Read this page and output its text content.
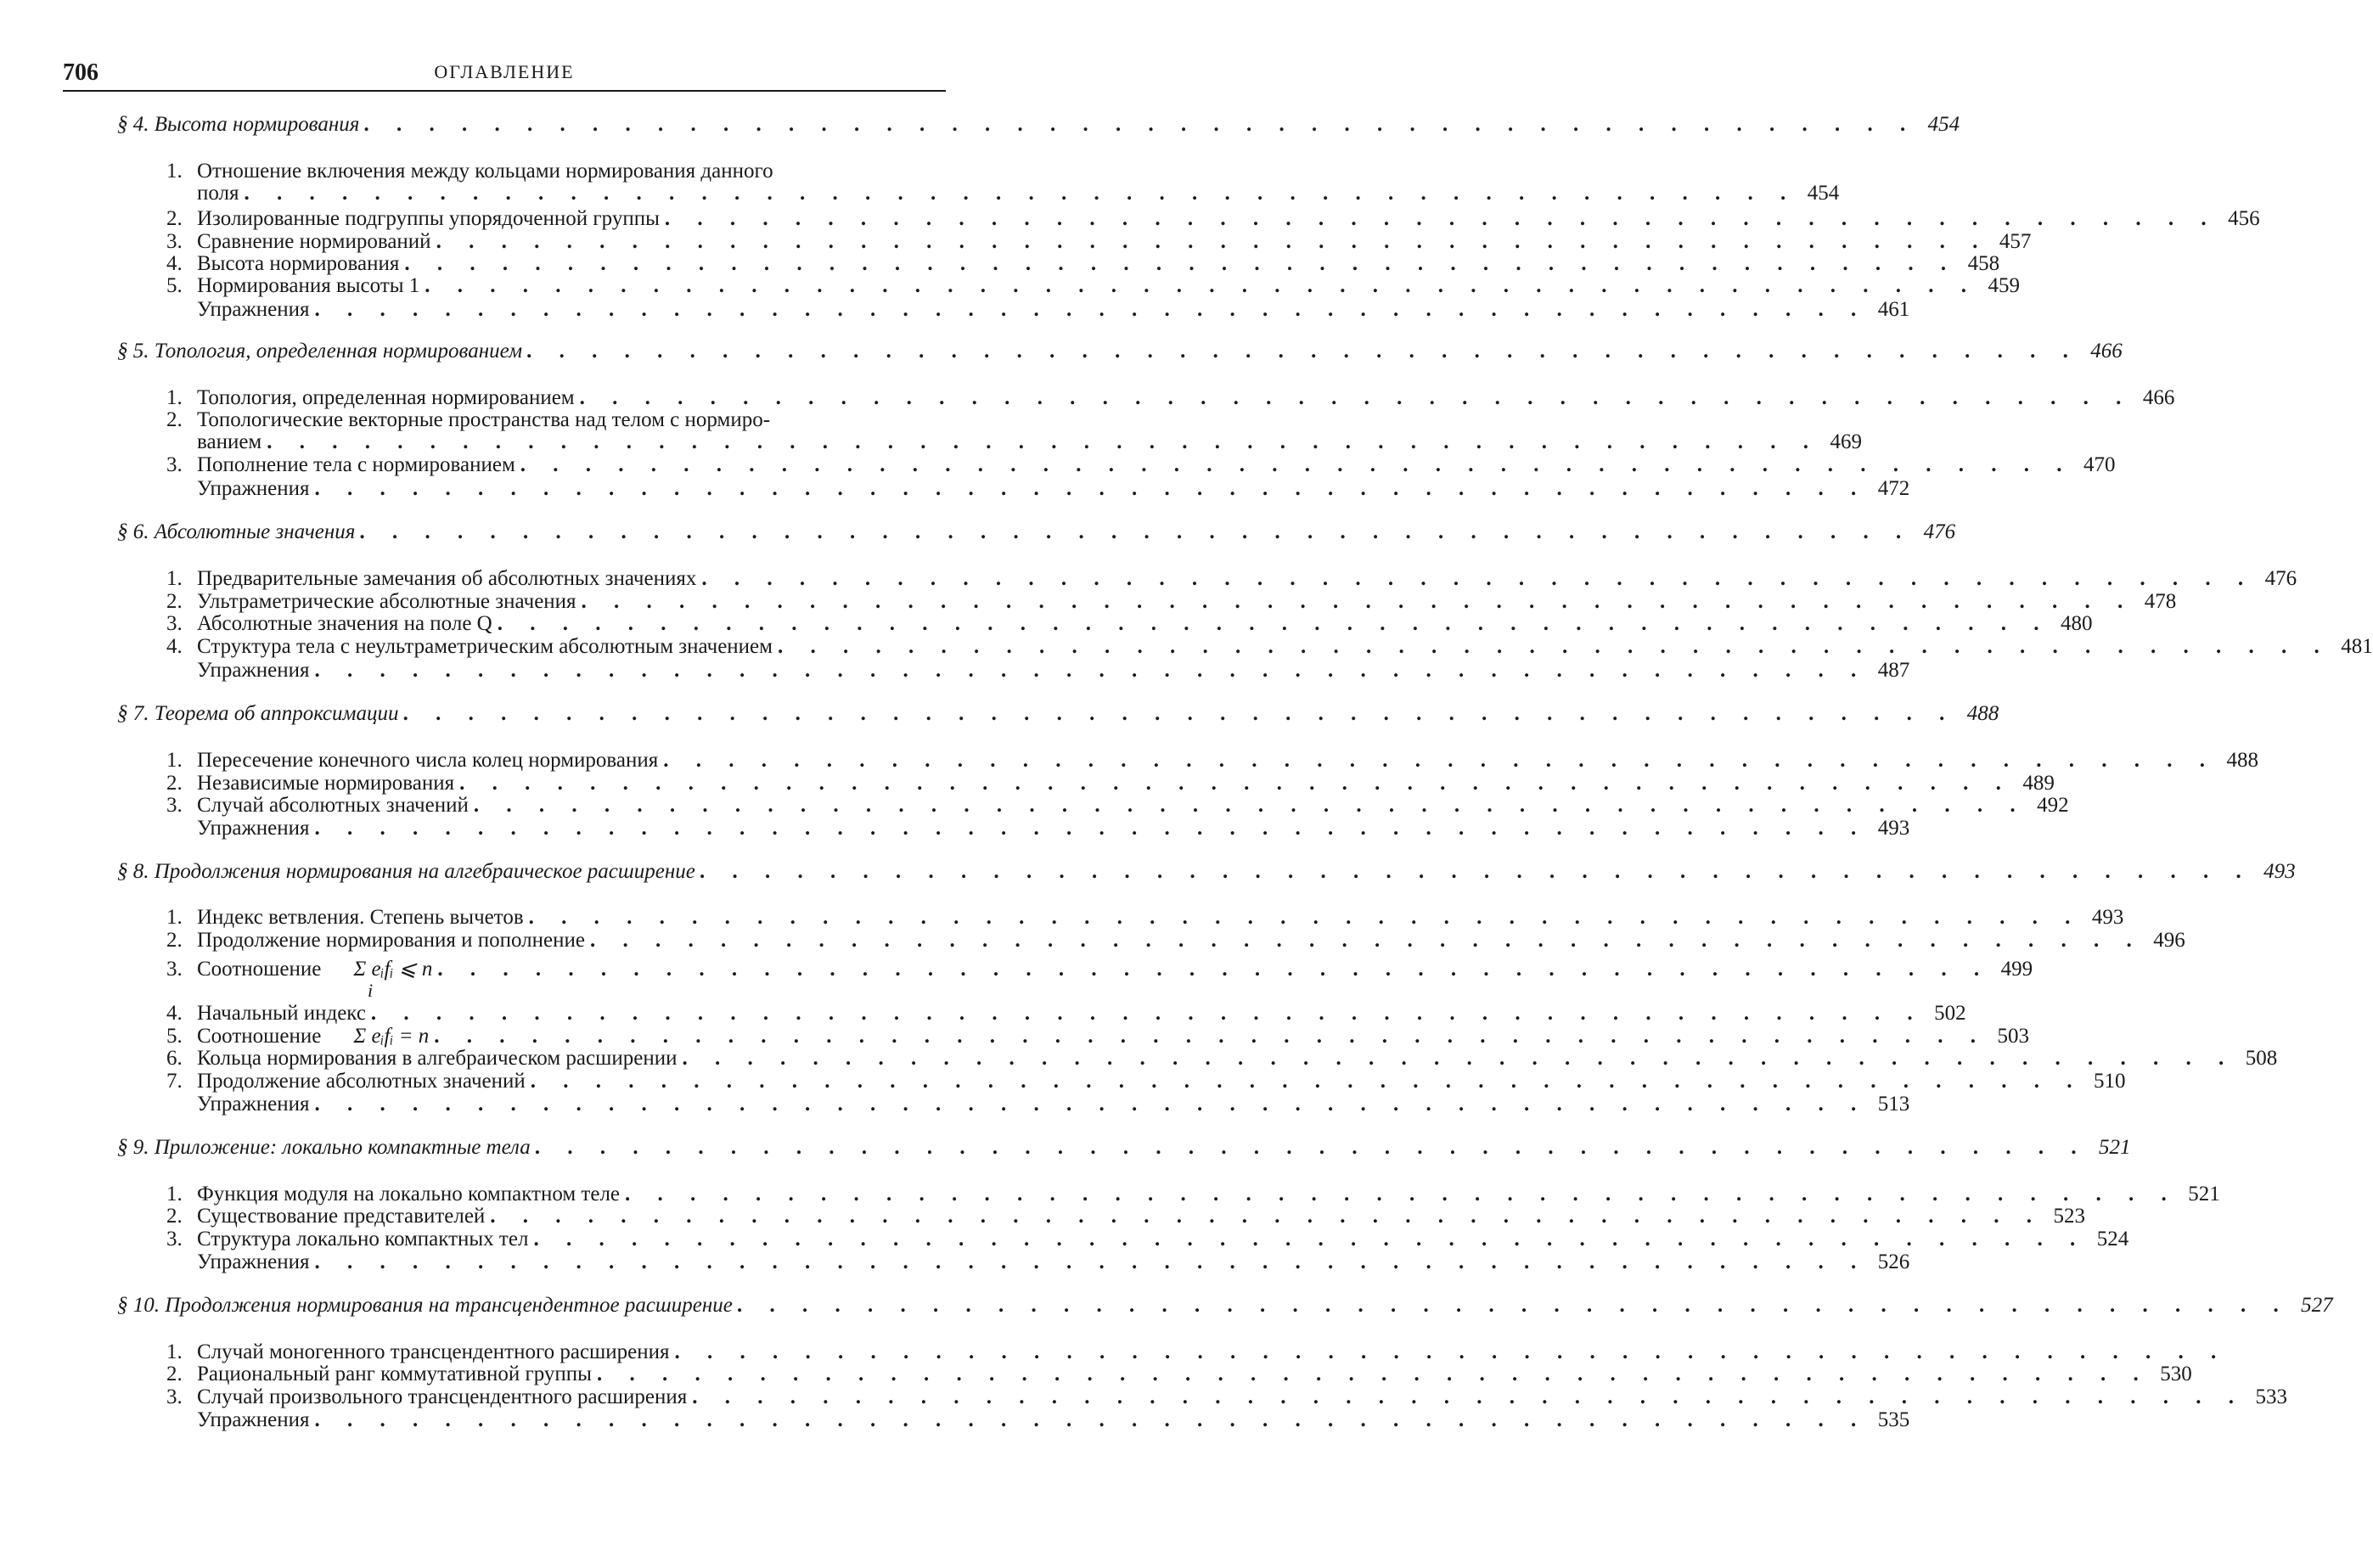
706	ОГЛАВЛЕНИЕ
§ 4. Высота нормирования . . . . . . . . . . . . . . . . . . . . . . . . . . . . . . . . . . . . . . . . . . . . . . . . 454
1. Отношение включения между кольцами нормирования данного
поля . . . . . . . . . . . . . . . . . . . . . . . . . . . . . . . . . . . . . . . . . . . . . . . . 454
2. Изолированные подгруппы упорядоченной группы . . . . . . . . . . . . . . . . . . . . . . . . . . . . . . . . . . . . . . . . . . . . . . . . 456
3. Сравнение нормирований . . . . . . . . . . . . . . . . . . . . . . . . . . . . . . . . . . . . . . . . . . . . . . . . 457
4. Высота нормирования . . . . . . . . . . . . . . . . . . . . . . . . . . . . . . . . . . . . . . . . . . . . . . . . 458
5. Нормирования высоты 1 . . . . . . . . . . . . . . . . . . . . . . . . . . . . . . . . . . . . . . . . . . . . . . . . 459
Упражнения . . . . . . . . . . . . . . . . . . . . . . . . . . . . . . . . . . . . . . . . . . . . . . . . 461
§ 5. Топология, определенная нормированием . . . . . . . . . . . . . . . . . . . . . . . . . . . . . . . . . . . . . . . . . . . . . . . . 466
1. Топология, определенная нормированием . . . . . . . . . . . . . . . . . . . . . . . . . . . . . . . . . . . . . . . . . . . . . . . . 466
2. Топологические векторные пространства над телом с нормиро-
ванием . . . . . . . . . . . . . . . . . . . . . . . . . . . . . . . . . . . . . . . . . . . . . . . . 469
3. Пополнение тела с нормированием . . . . . . . . . . . . . . . . . . . . . . . . . . . . . . . . . . . . . . . . . . . . . . . . 470
Упражнения . . . . . . . . . . . . . . . . . . . . . . . . . . . . . . . . . . . . . . . . . . . . . . . . 472
§ 6. Абсолютные значения . . . . . . . . . . . . . . . . . . . . . . . . . . . . . . . . . . . . . . . . . . . . . . . . 476
1. Предварительные замечания об абсолютных значениях . . . . . . . . . . . . . . . . . . . . . . . . . . . . . . . . . . . . . . . . . . . . . . . . 476
2. Ультраметрические абсолютные значения . . . . . . . . . . . . . . . . . . . . . . . . . . . . . . . . . . . . . . . . . . . . . . . . 478
3. Абсолютные значения на поле Q . . . . . . . . . . . . . . . . . . . . . . . . . . . . . . . . . . . . . . . . . . . . . . . . 480
4. Структура тела с неультраметрическим абсолютным значением . . . . . . . . . . . . . . . . . . . . . . . . . . . . . . . . . . . . . . . . . . . . . . . . 481
Упражнения . . . . . . . . . . . . . . . . . . . . . . . . . . . . . . . . . . . . . . . . . . . . . . . . 487
§ 7. Теорема об аппроксимации . . . . . . . . . . . . . . . . . . . . . . . . . . . . . . . . . . . . . . . . . . . . . . . . 488
1. Пересечение конечного числа колец нормирования . . . . . . . . . . . . . . . . . . . . . . . . . . . . . . . . . . . . . . . . . . . . . . . . 488
2. Независимые нормирования . . . . . . . . . . . . . . . . . . . . . . . . . . . . . . . . . . . . . . . . . . . . . . . . 489
3. Случай абсолютных значений . . . . . . . . . . . . . . . . . . . . . . . . . . . . . . . . . . . . . . . . . . . . . . . . 492
Упражнения . . . . . . . . . . . . . . . . . . . . . . . . . . . . . . . . . . . . . . . . . . . . . . . . 493
§ 8. Продолжения нормирования на алгебраическое расширение . . . . . . . . . . . . . . . . . . . . . . . . . . . . . . . . . . . . . . . . . . . . . . . . 493
1. Индекс ветвления. Степень вычетов . . . . . . . . . . . . . . . . . . . . . . . . . . . . . . . . . . . . . . . . . . . . . . . . 493
2. Продолжение нормирования и пополнение . . . . . . . . . . . . . . . . . . . . . . . . . . . . . . . . . . . . . . . . . . . . . . . . 496
3. Соотношение Σ eᵢfᵢ ⩽ n . . . . . . . . . . . . . . . . . . . . . . . . . . . . . . . . . . . . . . . . . . . . . . . . 499
i
4. Начальный индекс . . . . . . . . . . . . . . . . . . . . . . . . . . . . . . . . . . . . . . . . . . . . . . . . 502
5. Соотношение Σ eᵢfᵢ = n . . . . . . . . . . . . . . . . . . . . . . . . . . . . . . . . . . . . . . . . . . . . . . . . 503
6. Кольца нормирования в алгебраическом расширении . . . . . . . . . . . . . . . . . . . . . . . . . . . . . . . . . . . . . . . . . . . . . . . . 508
7. Продолжение абсолютных значений . . . . . . . . . . . . . . . . . . . . . . . . . . . . . . . . . . . . . . . . . . . . . . . . 510
Упражнения . . . . . . . . . . . . . . . . . . . . . . . . . . . . . . . . . . . . . . . . . . . . . . . . 513
§ 9. Приложение: локально компактные тела . . . . . . . . . . . . . . . . . . . . . . . . . . . . . . . . . . . . . . . . . . . . . . . . 521
1. Функция модуля на локально компактном теле . . . . . . . . . . . . . . . . . . . . . . . . . . . . . . . . . . . . . . . . . . . . . . . . 521
2. Существование представителей . . . . . . . . . . . . . . . . . . . . . . . . . . . . . . . . . . . . . . . . . . . . . . . . 523
3. Структура локально компактных тел . . . . . . . . . . . . . . . . . . . . . . . . . . . . . . . . . . . . . . . . . . . . . . . . 524
Упражнения . . . . . . . . . . . . . . . . . . . . . . . . . . . . . . . . . . . . . . . . . . . . . . . . 526
§ 10. Продолжения нормирования на трансцендентное расширение . . . . . . . . . . . . . . . . . . . . . . . . . . . . . . . . . . . . . . . . . . . . . . . . 527
1. Случай моногенного трансцендентного расширения . . . . . . . . . . . . . . . . . . . . . . . . . . . . . . . . . . . . . . . . . . . . . . . .
2. Рациональный ранг коммутативной группы . . . . . . . . . . . . . . . . . . . . . . . . . . . . . . . . . . . . . . . . . . . . . . . . 530
3. Случай произвольного трансцендентного расширения . . . . . . . . . . . . . . . . . . . . . . . . . . . . . . . . . . . . . . . . . . . . . . . . 533
Упражнения . . . . . . . . . . . . . . . . . . . . . . . . . . . . . . . . . . . . . . . . . . . . . . . . 535
